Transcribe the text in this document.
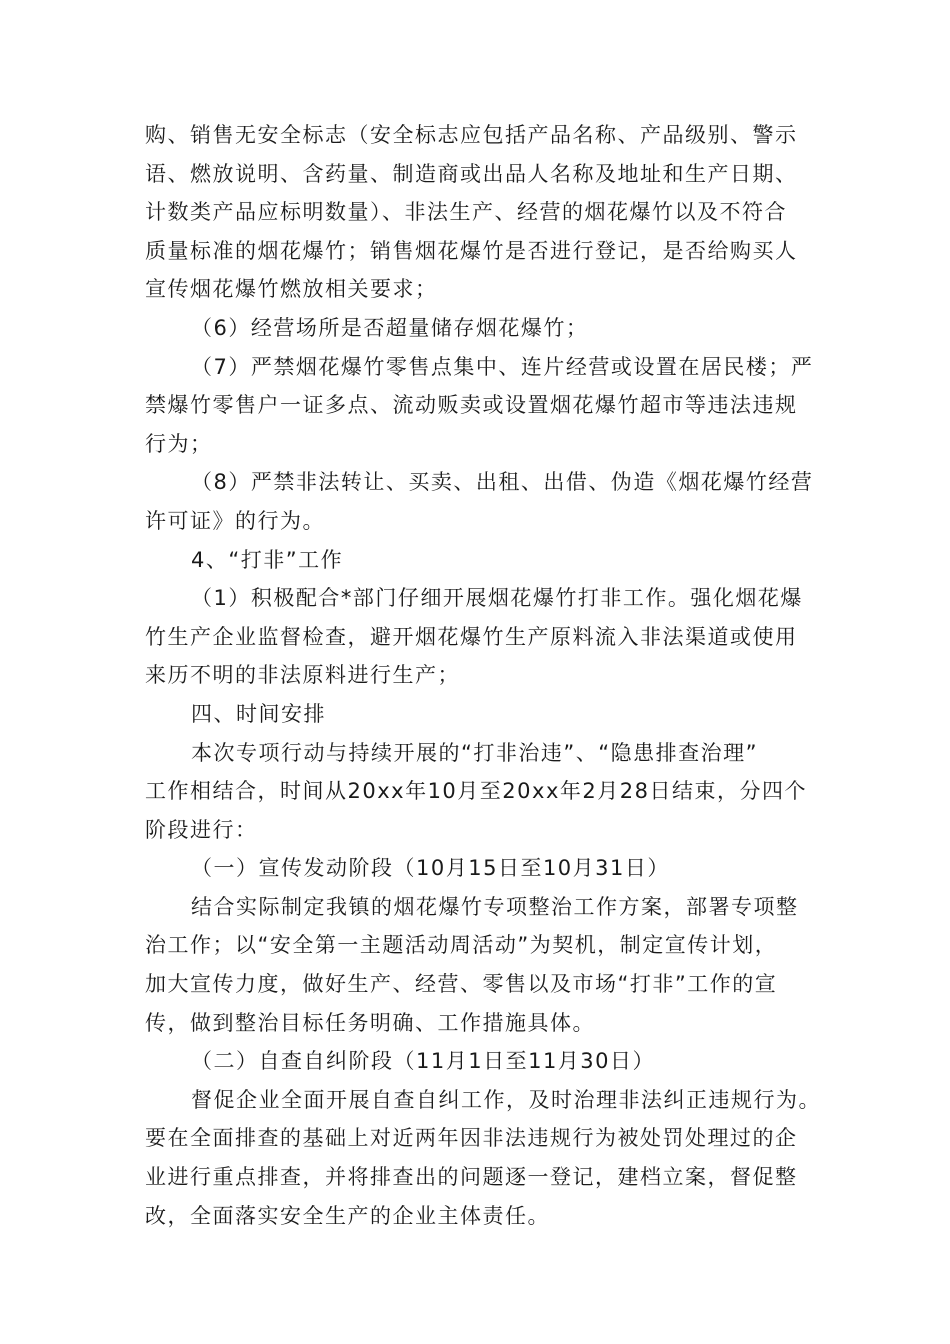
购、销售无安全标志（安全标志应包括产品名称、产品级别、警示
语、燃放说明、含药量、制造商或出品人名称及地址和生产日期、
计数类产品应标明数量）、非法生产、经营的烟花爆竹以及不符合
质量标准的烟花爆竹；销售烟花爆竹是否进行登记，是否给购买人
宣传烟花爆竹燃放相关要求；
（6）经营场所是否超量储存烟花爆竹；
（7）严禁烟花爆竹零售点集中、连片经营或设置在居民楼；严
禁爆竹零售户一证多点、流动贩卖或设置烟花爆竹超市等违法违规
行为；
（8）严禁非法转让、买卖、出租、出借、伪造《烟花爆竹经营
许可证》的行为。
4、“打非”工作
（1）积极配合*部门仔细开展烟花爆竹打非工作。强化烟花爆
竹生产企业监督检查，避开烟花爆竹生产原料流入非法渠道或使用
来历不明的非法原料进行生产；
四、时间安排
本次专项行动与持续开展的“打非治违”、“隐患排查治理”
工作相结合，时间从20xx年10月至20xx年2月28日结束，分四个
阶段进行：
（一）宣传发动阶段（10月15日至10月31日）
结合实际制定我镇的烟花爆竹专项整治工作方案，部署专项整
治工作；以“安全第一主题活动周活动”为契机，制定宣传计划，
加大宣传力度，做好生产、经营、零售以及市场“打非”工作的宣
传，做到整治目标任务明确、工作措施具体。
（二）自查自纠阶段（11月1日至11月30日）
督促企业全面开展自查自纠工作，及时治理非法纠正违规行为。
要在全面排查的基础上对近两年因非法违规行为被处罚处理过的企
业进行重点排查，并将排查出的问题逐一登记，建档立案，督促整
改，全面落实安全生产的企业主体责任。
